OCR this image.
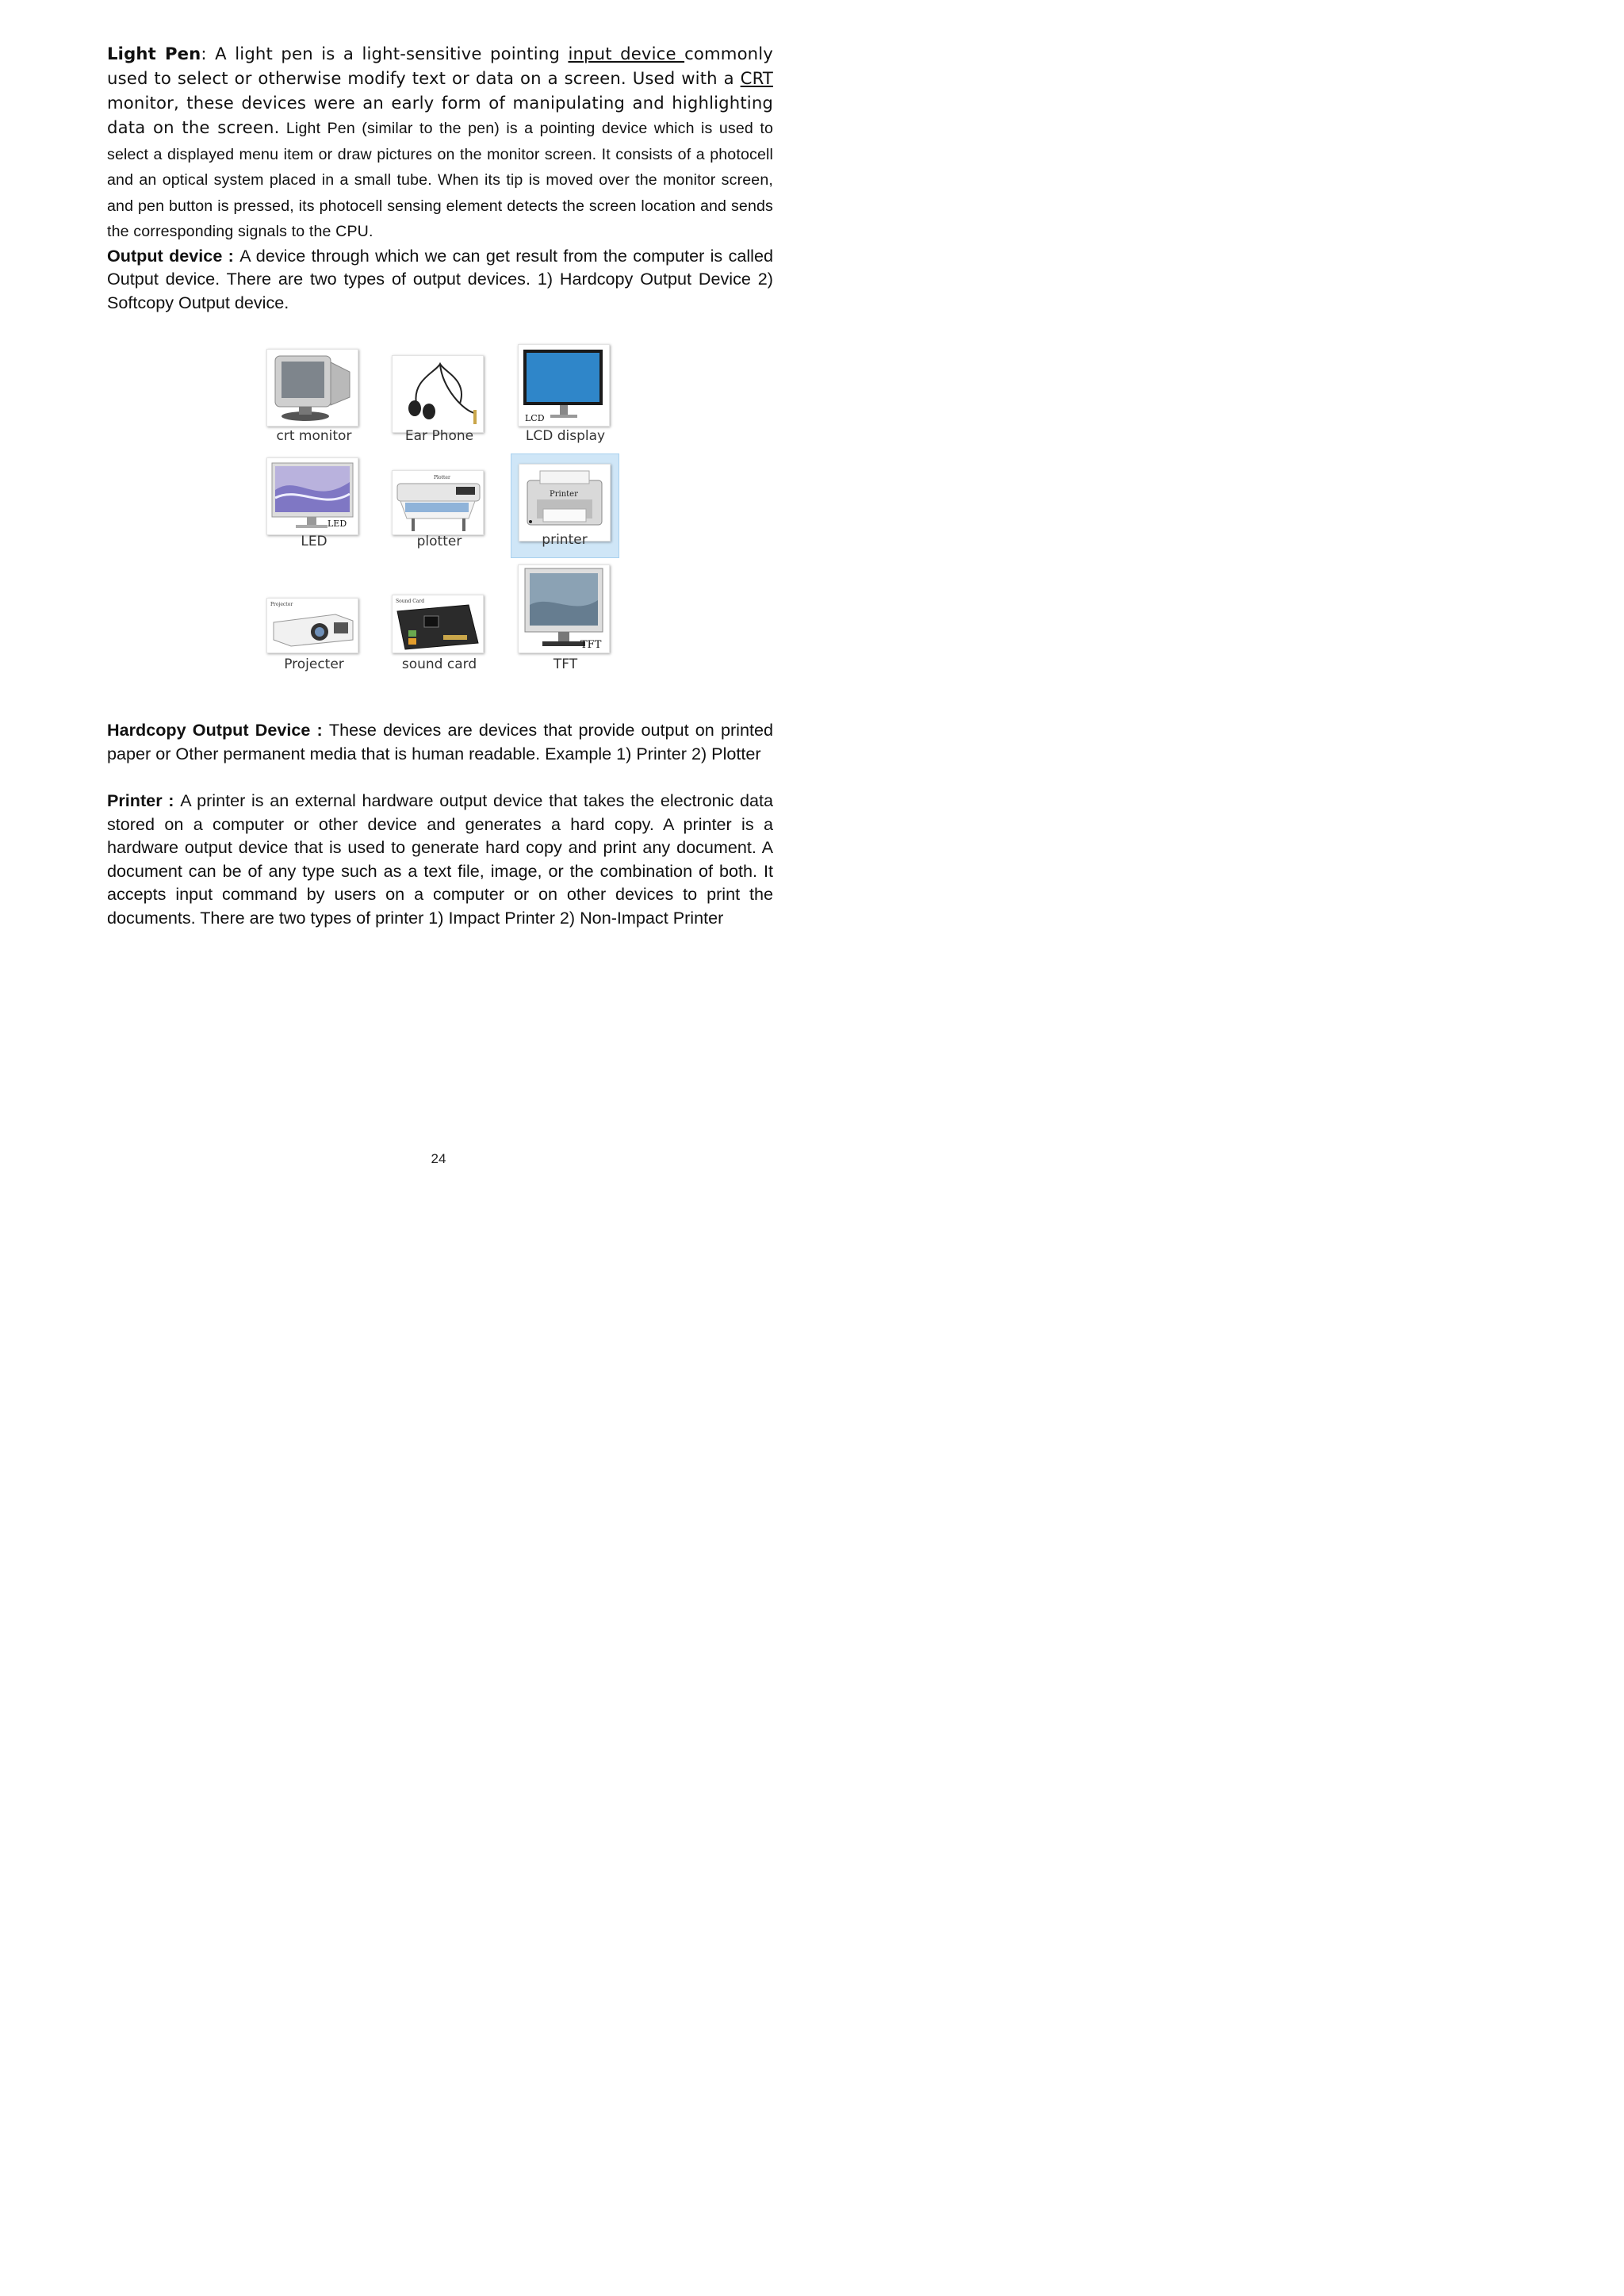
Light Pen: A light pen is a light-sensitive pointing input device commonly used to select or otherwise modify text or data on a screen. Used with a CRT monitor, these devices were an early form of manipulating and highlighting data on the screen. Light Pen (similar to the pen) is a pointing device which is used to select a displayed menu item or draw pictures on the monitor screen. It consists of a photocell and an optical system placed in a small tube. When its tip is moved over the monitor screen, and pen button is pressed, its photocell sensing element detects the screen location and sends the corresponding signals to the CPU.

Output device : A device through which we can get result from the computer is called Output device. There are two types of output devices. 1) Hardcopy Output Device 2) Softcopy Output device.

crt monitor	Ear Phone
LCD
LCD display
LED
LED
Plotter
plotter
Printer
printer
Projector
Projecter
Sound Card
sound card
TFT
TFT

Hardcopy Output Device : These devices are devices that provide output on printed paper or Other permanent media that is human readable. Example 1) Printer 2) Plotter

Printer : A printer is an external hardware output device that takes the electronic data stored on a computer or other device and generates a hard copy. A printer is a hardware output device that is used to generate hard copy and print any document. A document can be of any type such as a text file, image, or the combination of both. It accepts input command by users on a computer or on other devices to print the documents. There are two types of printer 1) Impact Printer 2) Non-Impact Printer

24
